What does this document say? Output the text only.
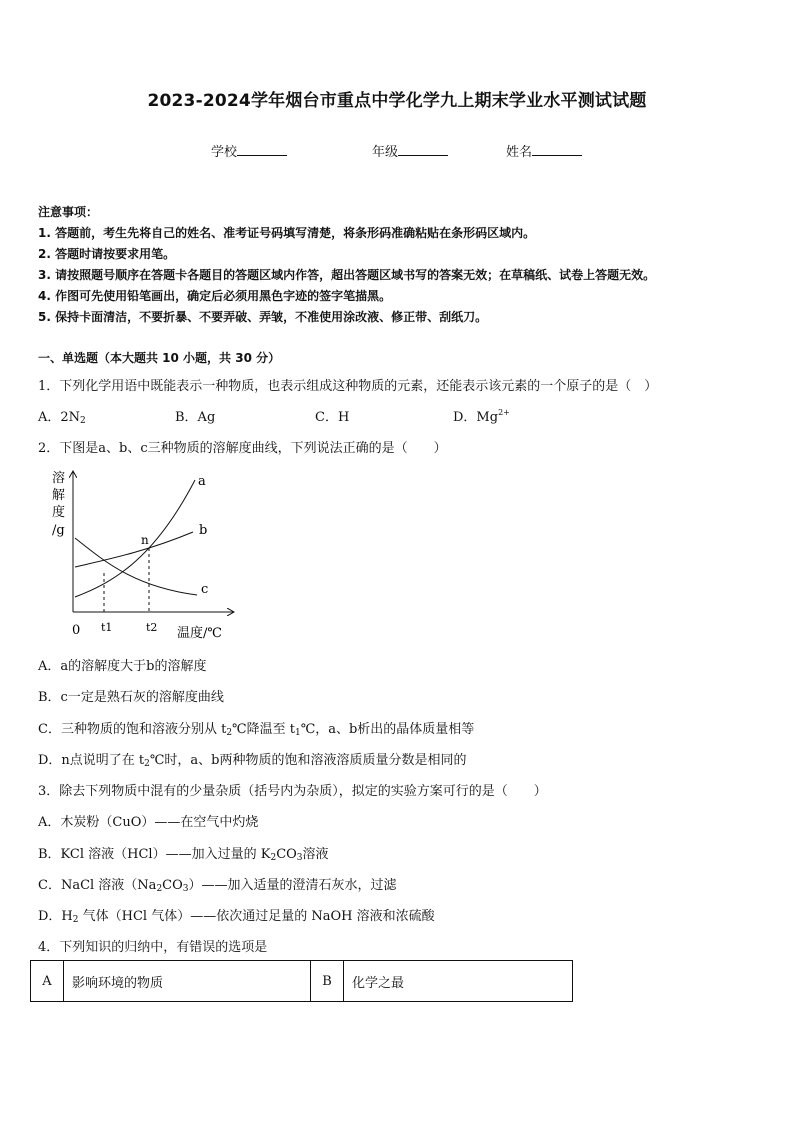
2023-2024学年烟台市重点中学化学九上期末学业水平测试试题
学校	年级	姓名
注意事项：
1. 答题前，考生先将自己的姓名、准考证号码填写清楚，将条形码准确粘贴在条形码区域内。
2. 答题时请按要求用笔。
3. 请按照题号顺序在答题卡各题目的答题区域内作答，超出答题区域书写的答案无效；在草稿纸、试卷上答题无效。
4. 作图可先使用铅笔画出，确定后必须用黑色字迹的签字笔描黑。
5. 保持卡面清洁，不要折暴、不要弄破、弄皱，不准使用涂改液、修正带、刮纸刀。
一、单选题（本大题共 10 小题，共 30 分）
1．下列化学用语中既能表示一种物质，也表示组成这种物质的元素，还能表示该元素的一个原子的是（　）
A．$2N_2$	B．Ag	C．H	D．$Mg^{2+}$
2．下图是a、b、c三种物质的溶解度曲线，下列说法正确的是（　　）
溶
解
度
/g
0 t1	t2 温度/℃
a
b
c
n
A．a的溶解度大于b的溶解度
B．c一定是熟石灰的溶解度曲线
C．三种物质的饱和溶液分别从 $t_2℃$降温至 $t_1℃$，a、b析出的晶体质量相等
D．n点说明了在 $t_2℃$时，a、b两种物质的饱和溶液溶质质量分数是相同的
3．除去下列物质中混有的少量杂质（括号内为杂质），拟定的实验方案可行的是（　　）
A．木炭粉（CuO）——在空气中灼烧
B．KCl 溶液（HCl）——加入过量的 $K_2CO_3$溶液
C．NaCl 溶液$(Na_2CO_3)——$加入适量的澄清石灰水，过滤
D．$H_2$ 气体（HCl 气体）——依次通过足量的 NaOH 溶液和浓硫酸
4．下列知识的归纳中，有错误的选项是
A	影响环境的物质	B	化学之最
